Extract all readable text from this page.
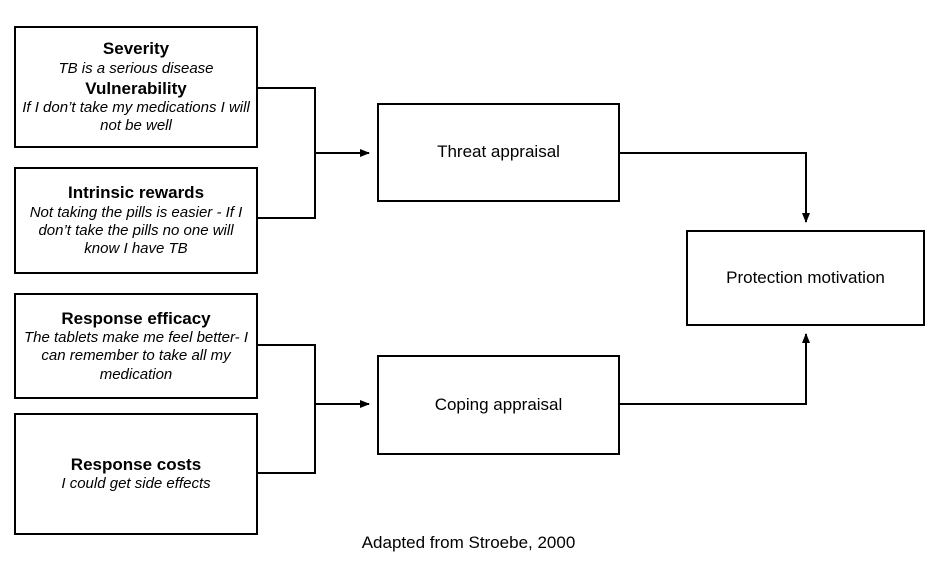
Severity
TB is a serious disease
Vulnerability
If I don’t take my medications I will not be well
Intrinsic rewards
Not taking the pills is easier - If I don’t take the pills no one will know I have TB
Response efficacy
The tablets make me feel better- I can remember to take all my medication
Response costs
I could get side effects
Threat appraisal
Coping appraisal
Protection motivation
Adapted from Stroebe, 2000
